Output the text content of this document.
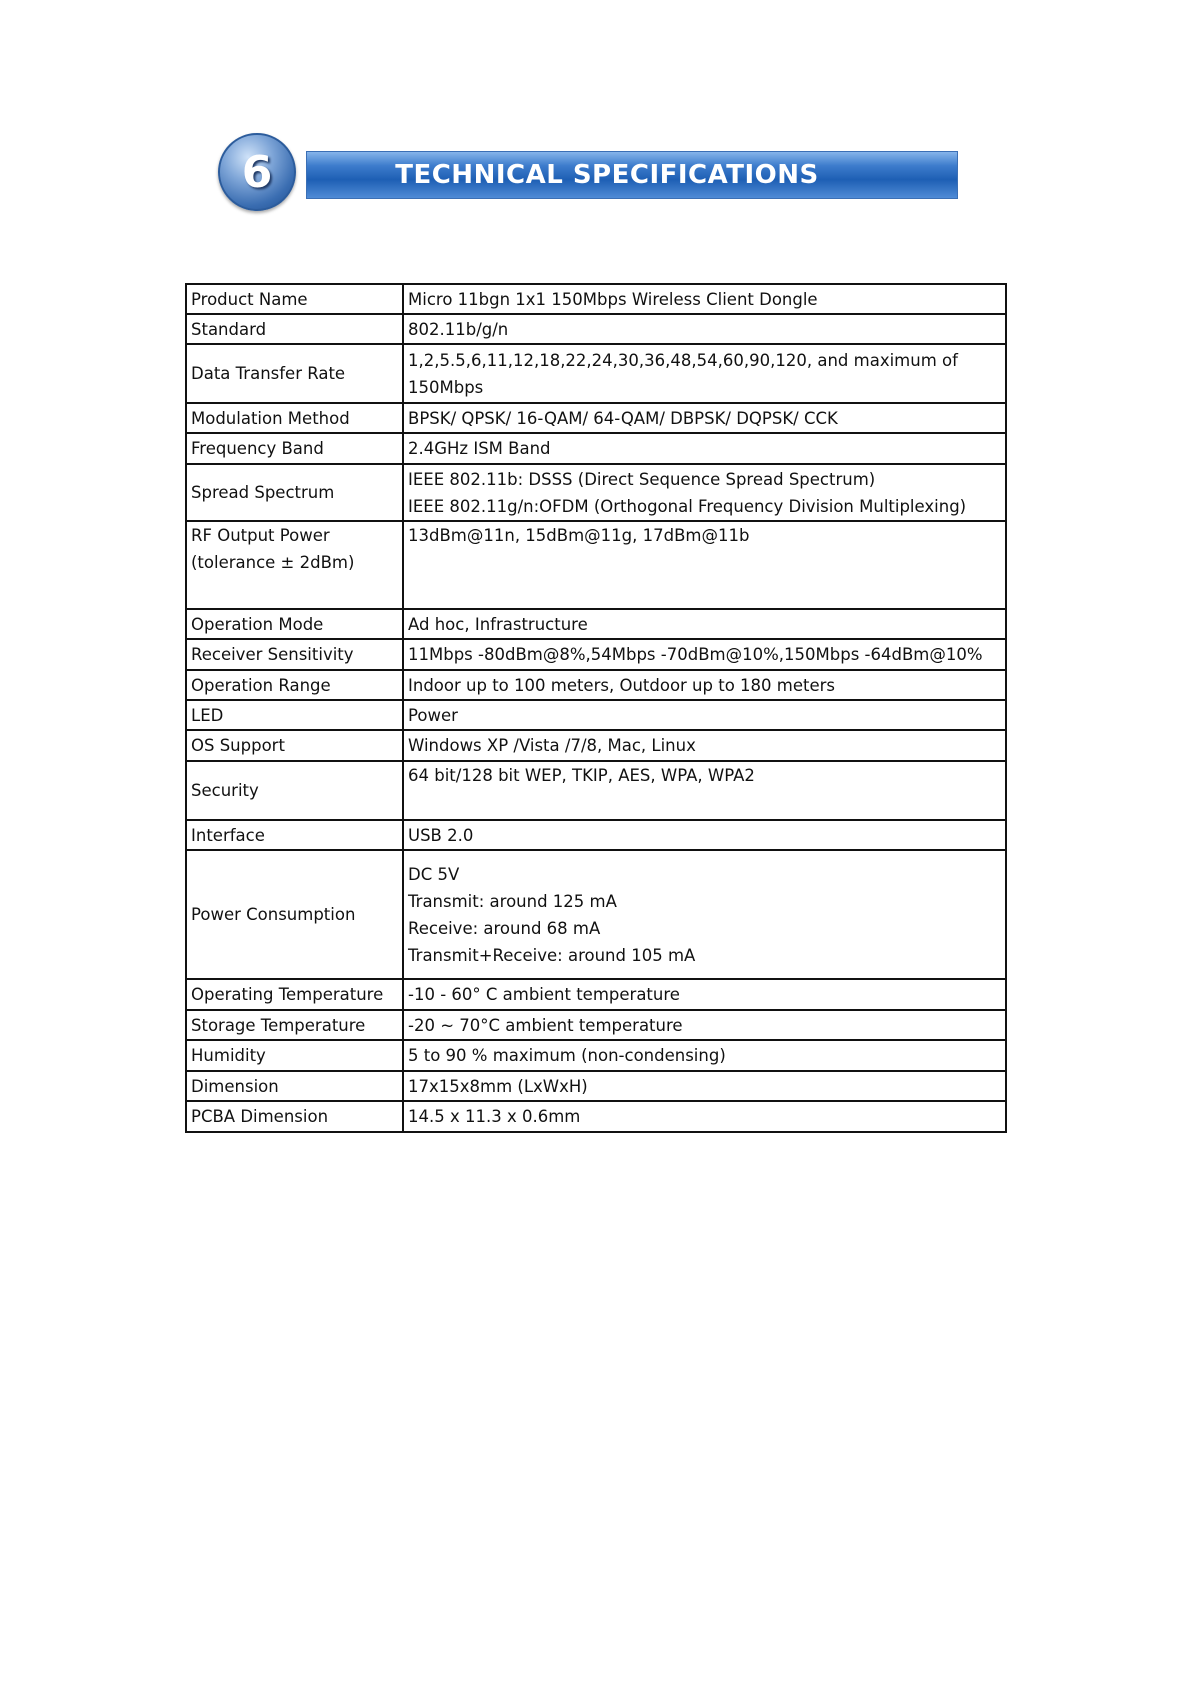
6	TECHNICAL SPECIFICATIONS
Product Name	Micro 11bgn 1x1 150Mbps Wireless Client Dongle
Standard	802.11b/g/n
Data Transfer Rate	1,2,5.5,6,11,12,18,22,24,30,36,48,54,60,90,120, and maximum of
150Mbps

Modulation Method	BPSK/ QPSK/ 16-QAM/ 64-QAM/ DBPSK/ DQPSK/ CCK
Frequency Band	2.4GHz ISM Band
Spread Spectrum	IEEE 802.11b: DSSS (Direct Sequence Spread Spectrum)
IEEE 802.11g/n:OFDM (Orthogonal Frequency Division Multiplexing)

RF Output Power
(tolerance ± 2dBm)	13dBm@11n, 15dBm@11g, 17dBm@11b
Operation Mode	Ad hoc, Infrastructure
Receiver Sensitivity	11Mbps -80dBm@8%,54Mbps -70dBm@10%,150Mbps -64dBm@10%
Operation Range	Indoor up to 100 meters, Outdoor up to 180 meters
LED	Power
OS Support	Windows XP /Vista /7/8, Mac, Linux
Security	64 bit/128 bit WEP, TKIP, AES, WPA, WPA2
Interface	USB 2.0
Power Consumption	DC 5V
Transmit: around 125 mA
Receive: around 68 mA
Transmit+Receive: around 105 mA

Operating Temperature	-10 - 60° C ambient temperature
Storage Temperature	-20 ~ 70°C ambient temperature
Humidity	5 to 90 % maximum (non-condensing)
Dimension	17x15x8mm (LxWxH)
PCBA Dimension	14.5 x 11.3 x 0.6mm
